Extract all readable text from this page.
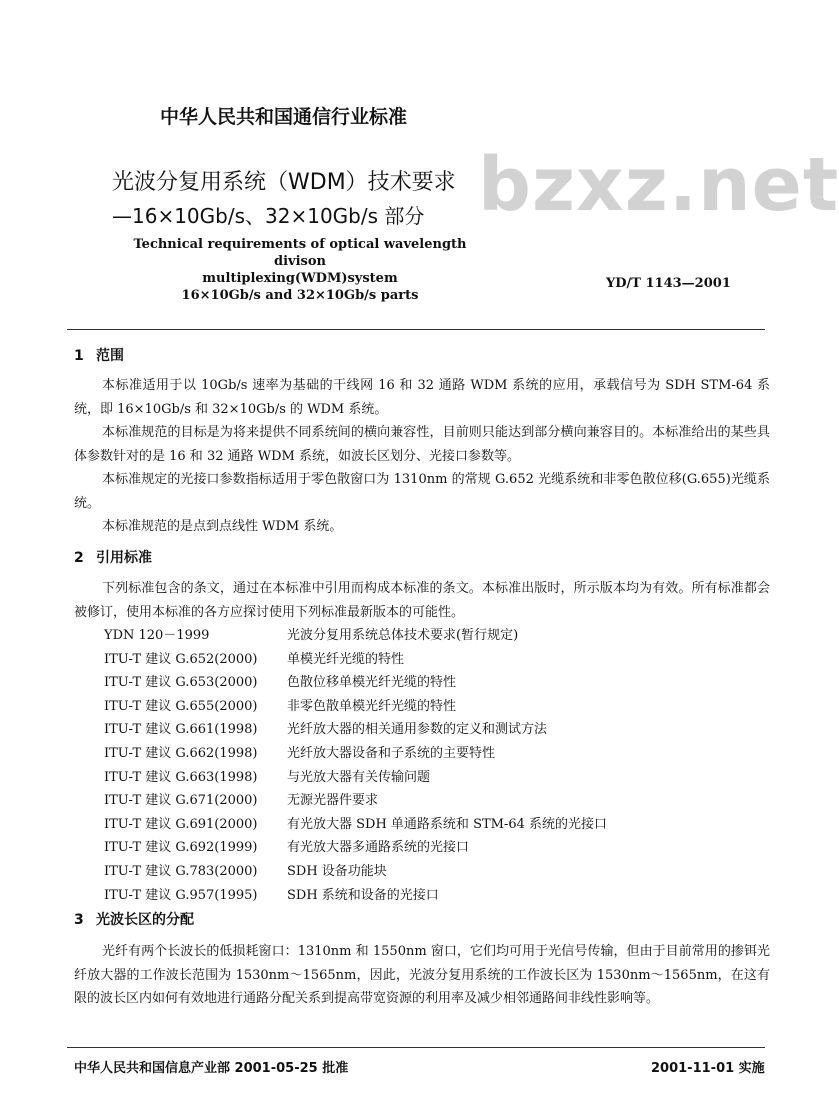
中华人民共和国通信行业标准
bzxz.net
光波分复用系统（WDM）技术要求
—16×10Gb/s、32×10Gb/s 部分
Technical requirements of optical wavelength divison
multiplexing(WDM)system
16×10Gb/s and 32×10Gb/s parts
YD/T 1143—2001
1 范围
本标准适用于以 10Gb/s 速率为基础的干线网 16 和 32 通路 WDM 系统的应用，承载信号为 SDH STM-64 系统，即 16×10Gb/s 和 32×10Gb/s 的 WDM 系统。
本标准规范的目标是为将来提供不同系统间的横向兼容性，目前则只能达到部分横向兼容目的。本标准给出的某些具体参数针对的是 16 和 32 通路 WDM 系统，如波长区划分、光接口参数等。
本标准规定的光接口参数指标适用于零色散窗口为 1310nm 的常规 G.652 光缆系统和非零色散位移(G.655)光缆系统。
本标准规范的是点到点线性 WDM 系统。
2 引用标准
下列标准包含的条文，通过在本标准中引用而构成本标准的条文。本标准出版时，所示版本均为有效。所有标准都会被修订，使用本标准的各方应探讨使用下列标准最新版本的可能性。
YDN 120－1999	光波分复用系统总体技术要求(暂行规定)
ITU-T 建议 G.652(2000)	单模光纤光缆的特性
ITU-T 建议 G.653(2000)	色散位移单模光纤光缆的特性
ITU-T 建议 G.655(2000)	非零色散单模光纤光缆的特性
ITU-T 建议 G.661(1998)	光纤放大器的相关通用参数的定义和测试方法
ITU-T 建议 G.662(1998)	光纤放大器设备和子系统的主要特性
ITU-T 建议 G.663(1998)	与光放大器有关传输问题
ITU-T 建议 G.671(2000)	无源光器件要求
ITU-T 建议 G.691(2000)	有光放大器 SDH 单通路系统和 STM-64 系统的光接口
ITU-T 建议 G.692(1999)	有光放大器多通路系统的光接口
ITU-T 建议 G.783(2000)	SDH 设备功能块
ITU-T 建议 G.957(1995)	SDH 系统和设备的光接口
3 光波长区的分配
光纤有两个长波长的低损耗窗口：1310nm 和 1550nm 窗口，它们均可用于光信号传输，但由于目前常用的掺铒光纤放大器的工作波长范围为 1530nm～1565nm，因此，光波分复用系统的工作波长区为 1530nm～1565nm，在这有限的波长区内如何有效地进行通路分配关系到提高带宽资源的利用率及减少相邻通路间非线性影响等。
中华人民共和国信息产业部 2001-05-25 批准	2001-11-01 实施
